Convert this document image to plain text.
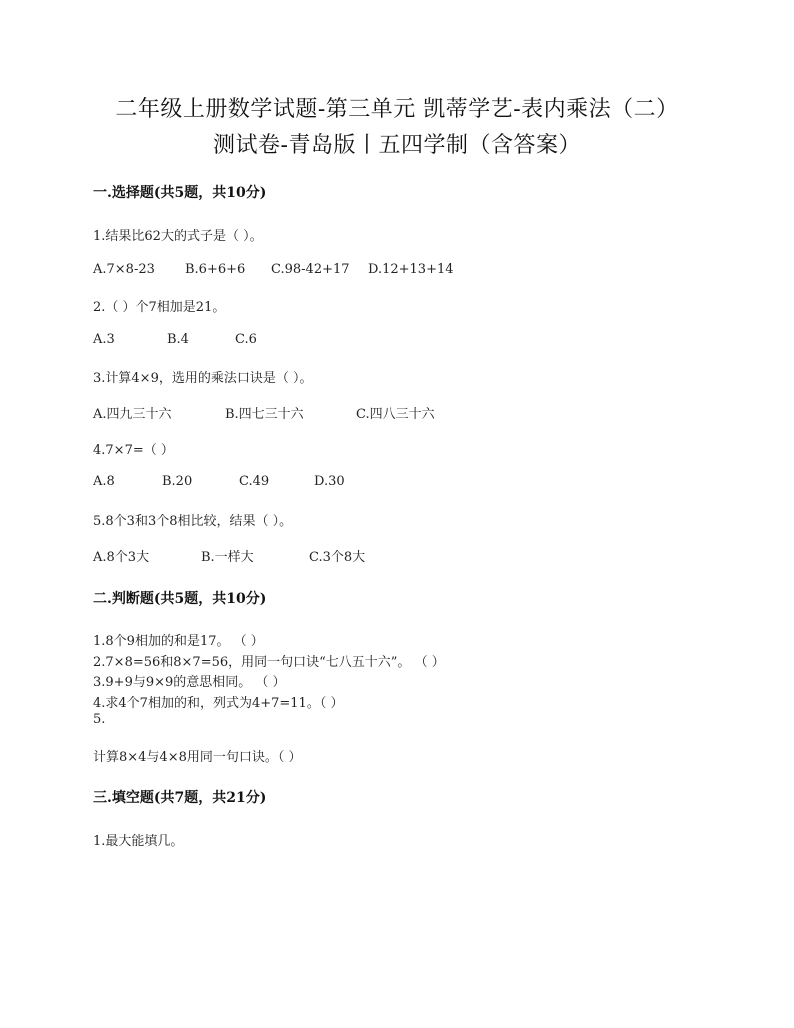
二年级上册数学试题-第三单元 凯蒂学艺-表内乘法（二）
测试卷-青岛版丨五四学制（含答案）
一.选择题(共5题，共10分)
1.结果比62大的式子是（ ）。
A.7×8-23	B.6+6+6	C.98-42+17	D.12+13+14
2.（ ）个7相加是21。
A.3	B.4	C.6
3.计算4×9，选用的乘法口诀是（ ）。
A.四九三十六	B.四七三十六	C.四八三十六
4.7×7=（ ）
A.8	B.20	C.49	D.30
5.8个3和3个8相比较，结果（ ）。
A.8个3大	B.一样大	C.3个8大
二.判断题(共5题，共10分)
1.8个9相加的和是17。 （ ）
2.7×8=56和8×7=56，用同一句口诀“七八五十六”。 （ ）
3.9+9与9×9的意思相同。 （ ）
4.求4个7相加的和，列式为4+7=11。（ ）
5.
计算8×4与4×8用同一句口诀。（ ）
三.填空题(共7题，共21分)
1.最大能填几。
